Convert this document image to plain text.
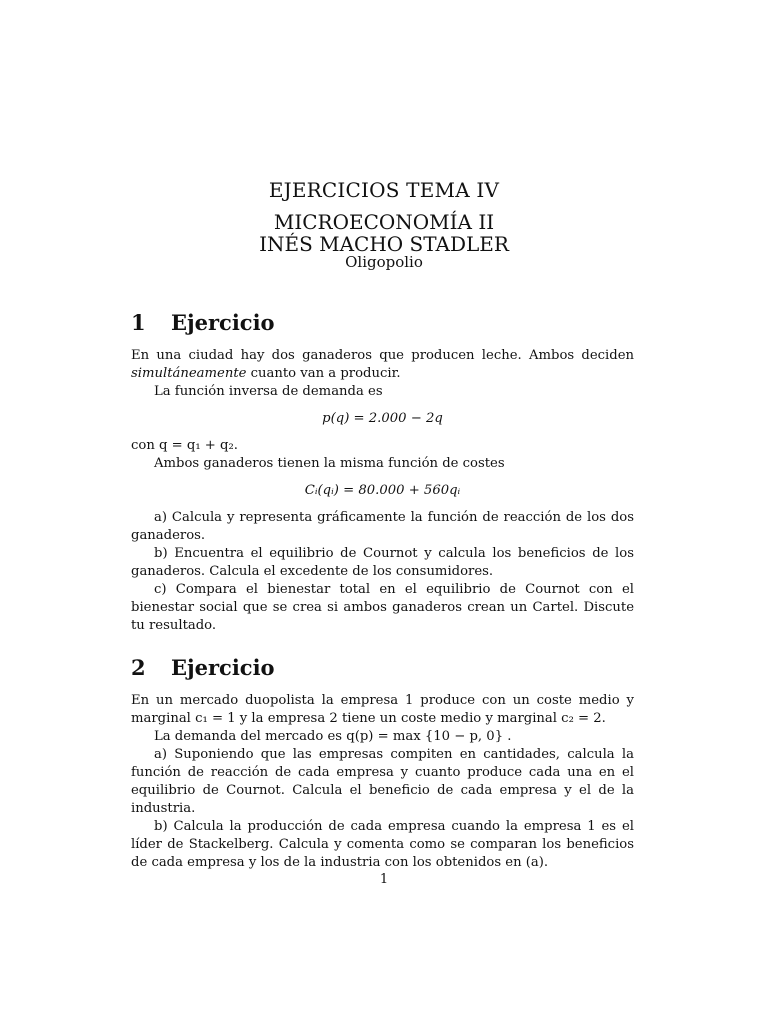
EJERCICIOS TEMA IV
MICROECONOMÍA II
INÉS MACHO STADLER
Oligopolio
1 Ejercicio

En una ciudad hay dos ganaderos que producen leche. Ambos deciden simultáneamente cuanto van a producir.

La función inversa de demanda es

p(q) = 2.000 − 2q

con q = q₁ + q₂.

Ambos ganaderos tienen la misma función de costes

Cᵢ(qᵢ) = 80.000 + 560qᵢ

a) Calcula y representa gráficamente la función de reacción de los dos ganaderos.

b) Encuentra el equilibrio de Cournot y calcula los beneficios de los ganaderos. Calcula el excedente de los consumidores.

c) Compara el bienestar total en el equilibrio de Cournot con el bienestar social que se crea si ambos ganaderos crean un Cartel. Discute tu resultado.

2 Ejercicio

En un mercado duopolista la empresa 1 produce con un coste medio y marginal c₁ = 1 y la empresa 2 tiene un coste medio y marginal c₂ = 2.

La demanda del mercado es q(p) = max {10 − p, 0} .

a) Suponiendo que las empresas compiten en cantidades, calcula la función de reacción de cada empresa y cuanto produce cada una en el equilibrio de Cournot. Calcula el beneficio de cada empresa y el de la industria.

b) Calcula la producción de cada empresa cuando la empresa 1 es el líder de Stackelberg. Calcula y comenta como se comparan los beneficios de cada empresa y los de la industria con los obtenidos en (a).

1
